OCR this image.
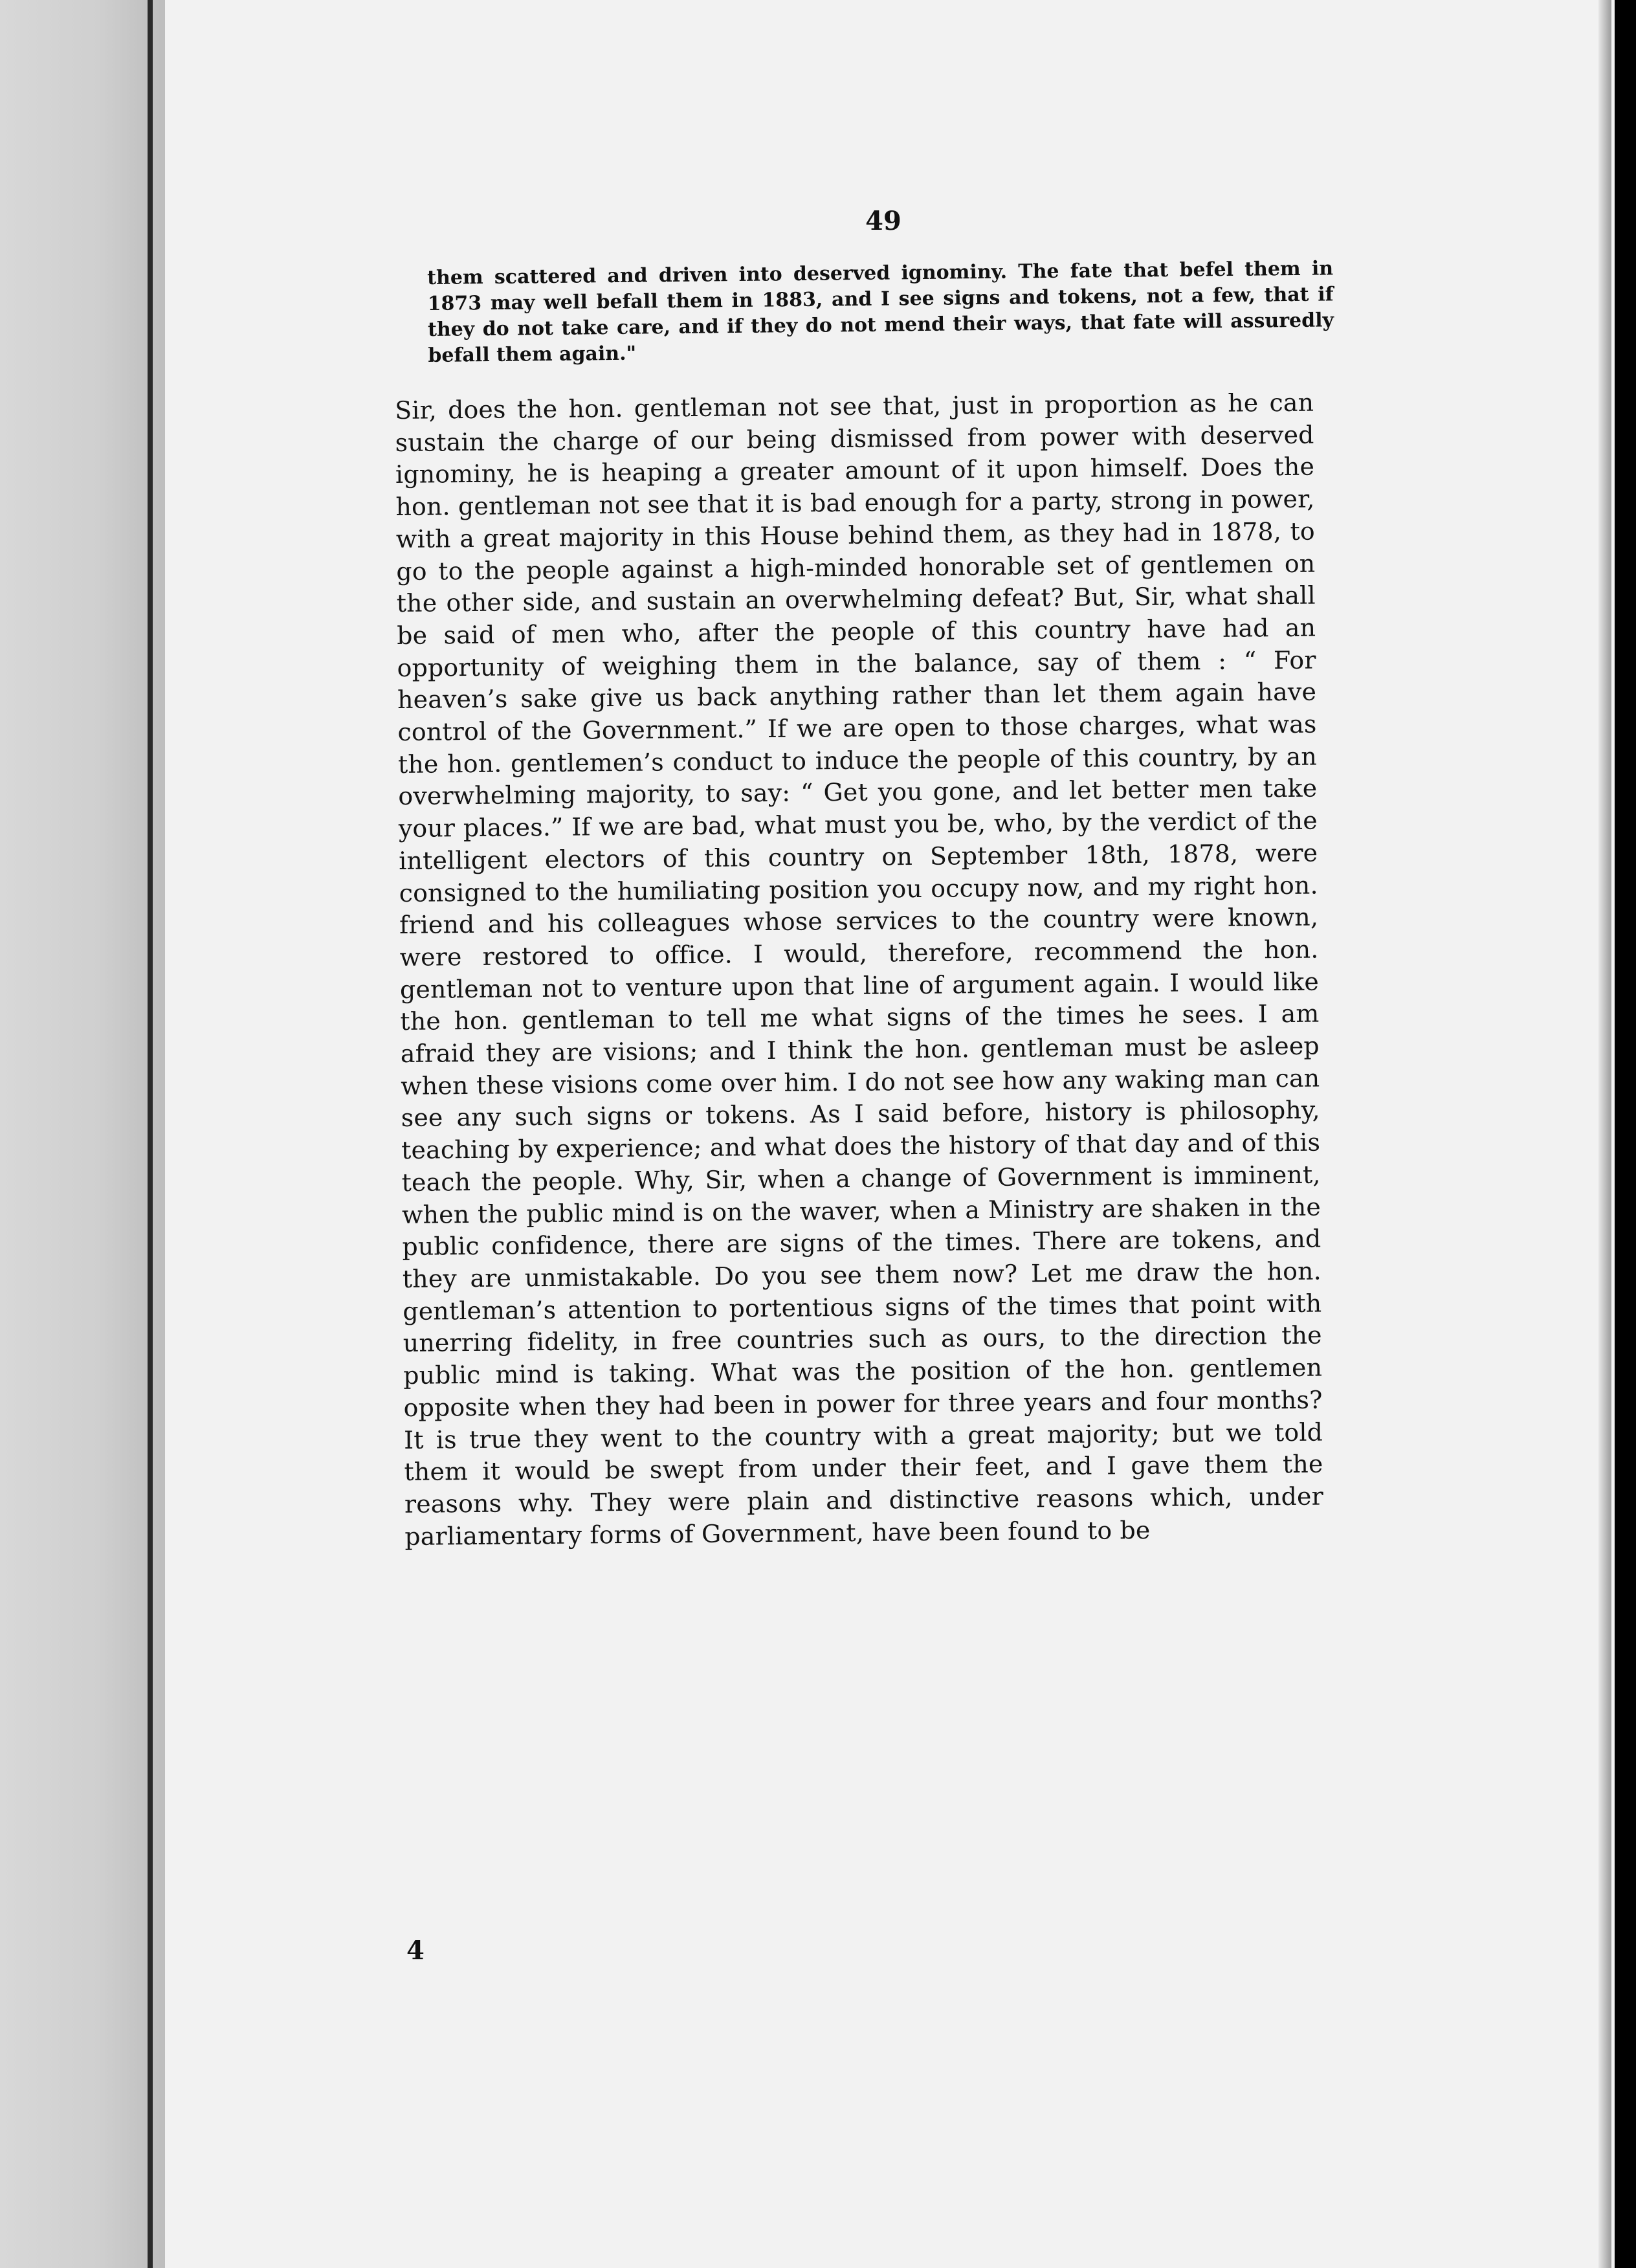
49
them scattered and driven into deserved ignominy. The fate that befel them in 1873 may well befall them in 1883, and I see signs and tokens, not a few, that if they do not take care, and if they do not mend their ways, that fate will assuredly befall them again."
Sir, does the hon. gentleman not see that, just in proportion as he can sustain the charge of our being dismissed from power with deserved ignominy, he is heaping a greater amount of it upon himself. Does the hon. gentleman not see that it is bad enough for a party, strong in power, with a great majority in this House behind them, as they had in 1878, to go to the people against a high-minded honorable set of gentlemen on the other side, and sustain an overwhelming defeat? But, Sir, what shall be said of men who, after the people of this country have had an opportunity of weighing them in the balance, say of them : “ For heaven’s sake give us back anything rather than let them again have control of the Government.” If we are open to those charges, what was the hon. gentlemen’s conduct to induce the people of this country, by an overwhelming majority, to say: “ Get you gone, and let better men take your places.” If we are bad, what must you be, who, by the verdict of the intelligent electors of this country on September 18th, 1878, were consigned to the humiliating position you occupy now, and my right hon. friend and his colleagues whose services to the country were known, were restored to office. I would, therefore, recommend the hon. gentleman not to venture upon that line of argument again. I would like the hon. gentleman to tell me what signs of the times he sees. I am afraid they are visions; and I think the hon. gentleman must be asleep when these visions come over him. I do not see how any waking man can see any such signs or tokens. As I said before, history is philosophy, teaching by experience; and what does the history of that day and of this teach the people. Why, Sir, when a change of Government is imminent, when the public mind is on the waver, when a Ministry are shaken in the public confidence, there are signs of the times. There are tokens, and they are unmistakable. Do you see them now? Let me draw the hon. gentleman’s attention to portentious signs of the times that point with unerring fidelity, in free countries such as ours, to the direction the public mind is taking. What was the position of the hon. gentlemen opposite when they had been in power for three years and four months? It is true they went to the country with a great majority; but we told them it would be swept from under their feet, and I gave them the reasons why. They were plain and distinctive reasons which, under parliamentary forms of Government, have been found to be
4
